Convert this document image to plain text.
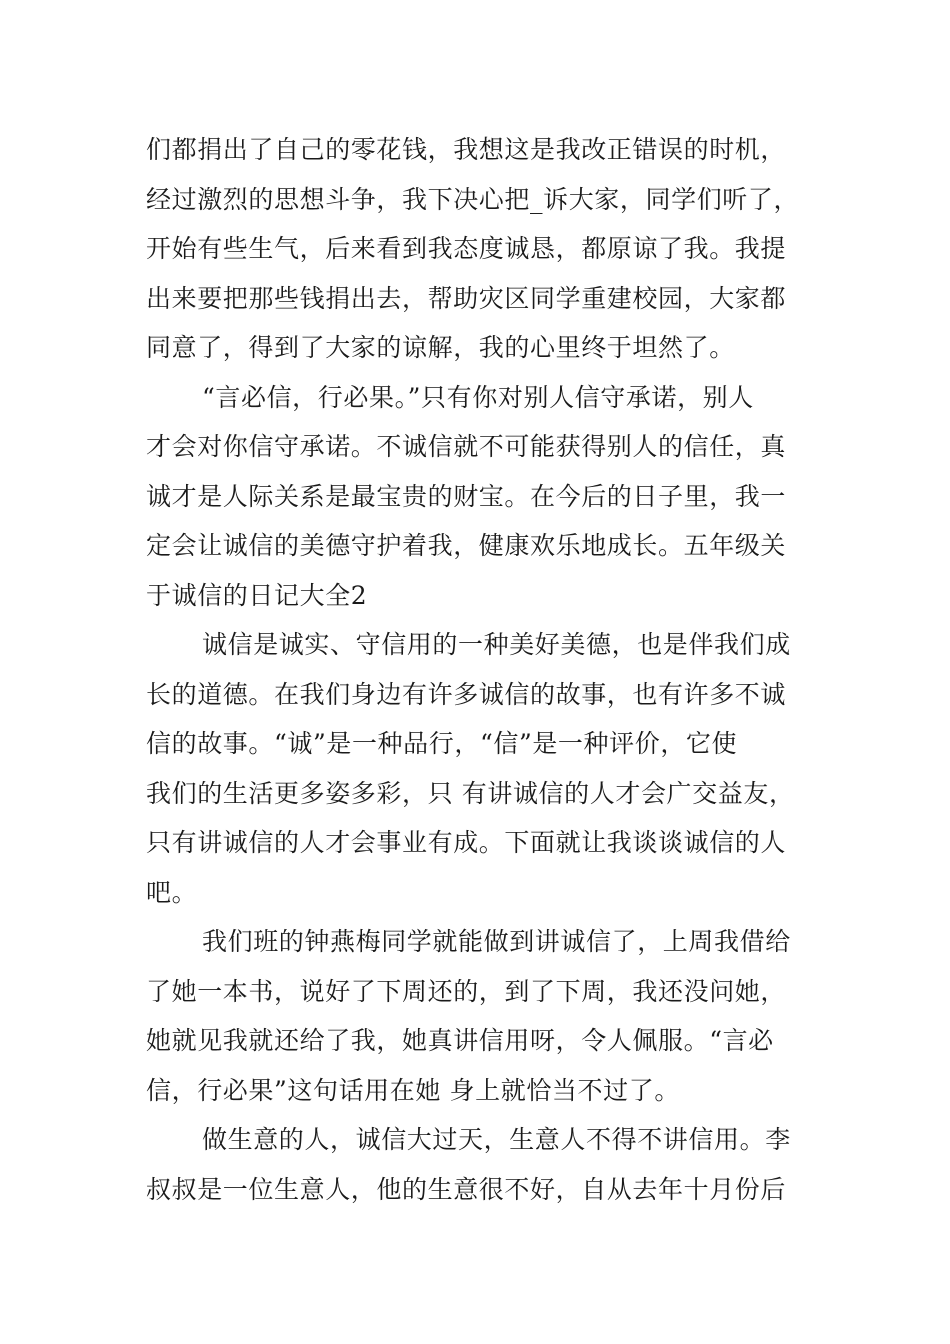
们都捐出了自己的零花钱，我想这是我改正错误的时机，
经过激烈的思想斗争，我下决心把_诉大家，同学们听了，
开始有些生气，后来看到我态度诚恳，都原谅了我。我提
出来要把那些钱捐出去，帮助灾区同学重建校园，大家都
同意了，得到了大家的谅解，我的心里终于坦然了。
“言必信，行必果。”只有你对别人信守承诺，别人
才会对你信守承诺。不诚信就不可能获得别人的信任，真
诚才是人际关系是最宝贵的财宝。在今后的日子里，我一
定会让诚信的美德守护着我，健康欢乐地成长。五年级关
于诚信的日记大全2
诚信是诚实、守信用的一种美好美德，也是伴我们成
长的道德。在我们身边有许多诚信的故事，也有许多不诚
信的故事。“诚”是一种品行，“信”是一种评价，它使
我们的生活更多姿多彩，只 有讲诚信的人才会广交益友，
只有讲诚信的人才会事业有成。下面就让我谈谈诚信的人
吧。
我们班的钟燕梅同学就能做到讲诚信了，上周我借给
了她一本书，说好了下周还的，到了下周，我还没问她，
她就见我就还给了我，她真讲信用呀，令人佩服。“言必
信，行必果”这句话用在她 身上就恰当不过了。
做生意的人，诚信大过天，生意人不得不讲信用。李
叔叔是一位生意人，他的生意很不好，自从去年十月份后
